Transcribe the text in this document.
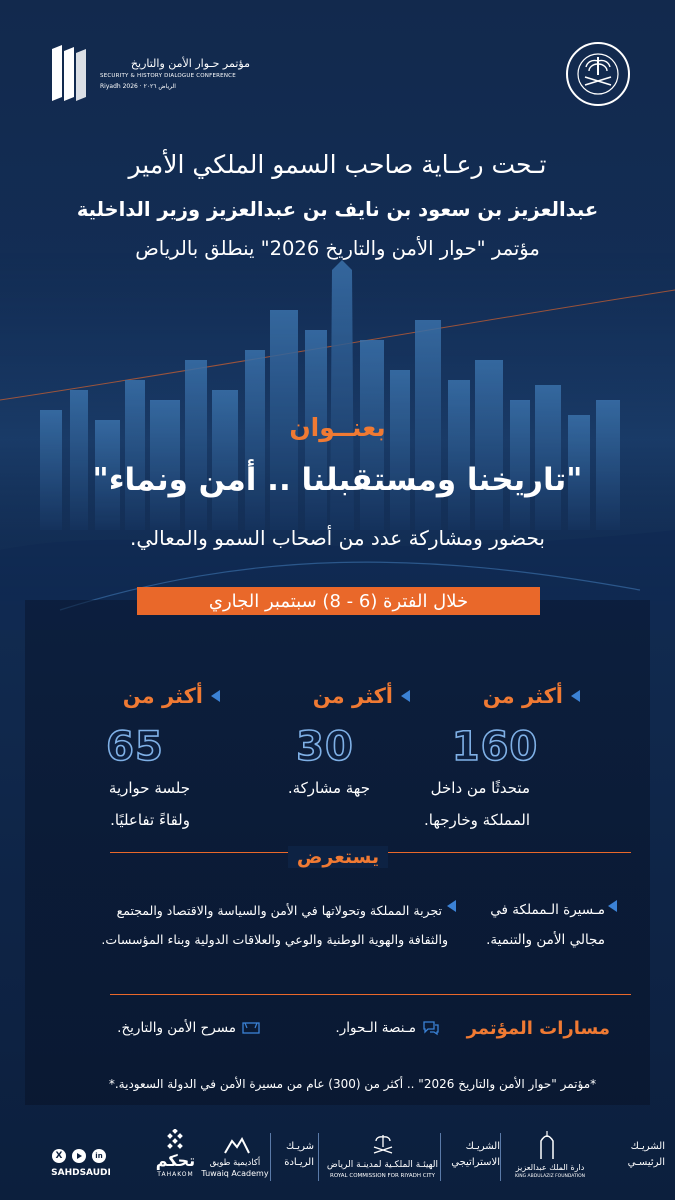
مؤتمر حـوار الأمن والتاريخ
SECURITY & HISTORY DIALOGUE CONFERENCE
Riyadh 2026 · الرياض ٢٠٢٦
تـحت رعـاية صاحب السمو الملكي الأمير
عبدالعزيز بن سعود بن نايف بن عبدالعزيز وزير الداخلية
مؤتمر "حوار الأمن والتاريخ 2026" ينطلق بالرياض
بعنــوان
"تاريخنا ومستقبلنا .. أمن ونماء"
بحضور ومشاركة عدد من أصحاب السمو والمعالي.
خلال الفترة (6 - 8) سبتمبر الجاري
أكثر من
160
متحدثًا من داخل
المملكة وخارجها.
أكثر من
30
جهة مشاركة.
أكثر من
65
جلسة حوارية
ولقاءً تفاعليًا.
يستعرض
مـسيرة الـمملكة في
مجالي الأمن والتنمية.
تجربة المملكة وتحولاتها في الأمن والسياسة والاقتصاد والمجتمع
والثقافة والهوية الوطنية والوعي والعلاقات الدولية وبناء المؤسسات.
مسارات المؤتمر
مـنصة الـحوار.
مسرح الأمن والتاريخ.
*مؤتمر "حوار الأمن والتاريخ 2026" .. أكثر من (300) عام من مسيرة الأمن في الدولة السعودية.*
الشريـك الرئيسـي
دارة الملك عبدالعزيز
KING ABDULAZIZ FOUNDATION
الشريـك الاستراتيجي
الهيئـة الملكـية لمدينـة الرياض
ROYAL COMMISSION FOR RIYADH CITY
شريـك الريـادة
أكاديمية طويق
Tuwaiq Academy
تحكم
TAHAKOM
X	in
SAHDSAUDI
